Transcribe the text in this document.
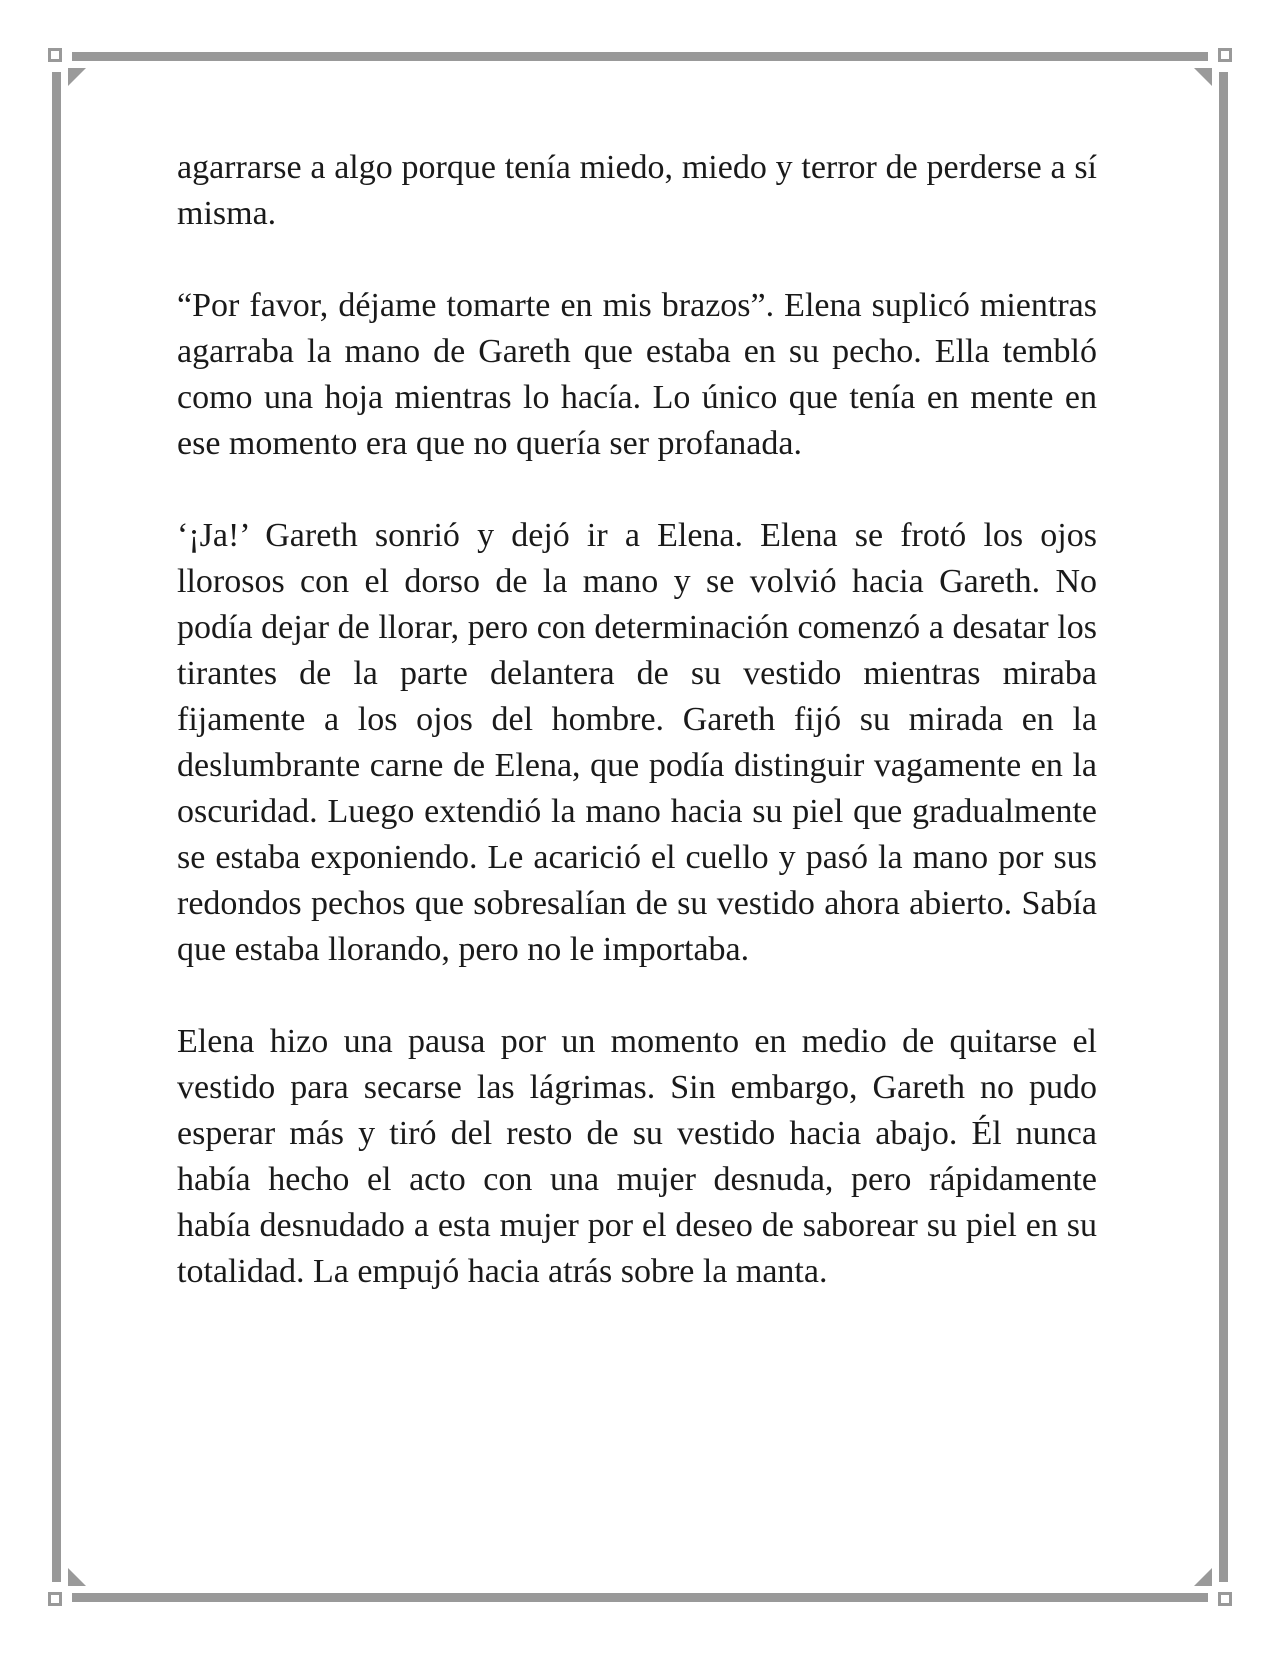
agarrarse a algo porque tenía miedo, miedo y terror de perderse a sí misma.

“Por favor, déjame tomarte en mis brazos”. Elena suplicó mientras agarraba la mano de Gareth que estaba en su pecho. Ella tembló como una hoja mientras lo hacía. Lo único que tenía en mente en ese momento era que no quería ser profanada.

‘¡Ja!’ Gareth sonrió y dejó ir a Elena. Elena se frotó los ojos llorosos con el dorso de la mano y se volvió hacia Gareth. No podía dejar de llorar, pero con determinación comenzó a desatar los tirantes de la parte delantera de su vestido mientras miraba fijamente a los ojos del hombre. Gareth fijó su mirada en la deslumbrante carne de Elena, que podía distinguir vagamente en la oscuridad. Luego extendió la mano hacia su piel que gradualmente se estaba exponiendo. Le acarició el cuello y pasó la mano por sus redondos pechos que sobresalían de su vestido ahora abierto. Sabía que estaba llorando, pero no le importaba.

Elena hizo una pausa por un momento en medio de quitarse el vestido para secarse las lágrimas. Sin embargo, Gareth no pudo esperar más y tiró del resto de su vestido hacia abajo. Él nunca había hecho el acto con una mujer desnuda, pero rápidamente había desnudado a esta mujer por el deseo de saborear su piel en su totalidad. La empujó hacia atrás sobre la manta.
